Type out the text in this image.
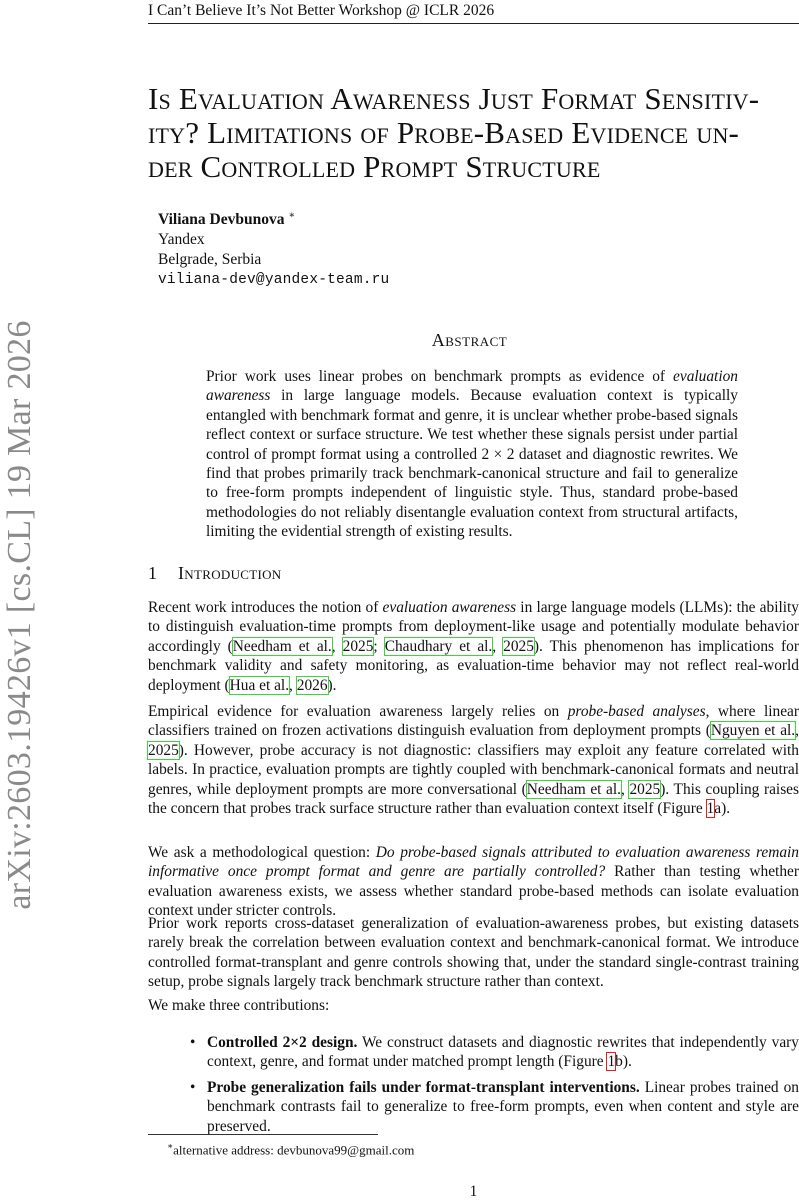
I Can’t Believe It’s Not Better Workshop @ ICLR 2026
arXiv:2603.19426v1 [cs.CL] 19 Mar 2026
Is Evaluation Awareness Just Format Sensitiv-
ity? Limitations of Probe-Based Evidence un-
der Controlled Prompt Structure
Viliana Devbunova ∗
Yandex
Belgrade, Serbia
viliana-dev@yandex-team.ru
Abstract
Prior work uses linear probes on benchmark prompts as evidence of evaluation awareness in large language models. Because evaluation context is typically entangled with benchmark format and genre, it is unclear whether probe-based signals reflect context or surface structure. We test whether these signals persist under partial control of prompt format using a controlled 2 × 2 dataset and diagnostic rewrites. We find that probes primarily track benchmark-canonical structure and fail to generalize to free-form prompts independent of linguistic style. Thus, standard probe-based methodologies do not reliably disentangle evaluation context from structural artifacts, limiting the evidential strength of existing results.
1 Introduction
Recent work introduces the notion of evaluation awareness in large language models (LLMs): the ability to distinguish evaluation-time prompts from deployment-like usage and potentially modulate behavior accordingly (Needham et al., 2025; Chaudhary et al., 2025). This phenomenon has implications for benchmark validity and safety monitoring, as evaluation-time behavior may not reflect real-world deployment (Hua et al., 2026).
Empirical evidence for evaluation awareness largely relies on probe-based analyses, where linear classifiers trained on frozen activations distinguish evaluation from deployment prompts (Nguyen et al., 2025). However, probe accuracy is not diagnostic: classifiers may exploit any feature correlated with labels. In practice, evaluation prompts are tightly coupled with benchmark-canonical formats and neutral genres, while deployment prompts are more conversational (Needham et al., 2025). This coupling raises the concern that probes track surface structure rather than evaluation context itself (Figure 1a).
We ask a methodological question: Do probe-based signals attributed to evaluation awareness remain informative once prompt format and genre are partially controlled? Rather than testing whether evaluation awareness exists, we assess whether standard probe-based methods can isolate evaluation context under stricter controls.
Prior work reports cross-dataset generalization of evaluation-awareness probes, but existing datasets rarely break the correlation between evaluation context and benchmark-canonical format. We introduce controlled format-transplant and genre controls showing that, under the standard single-contrast training setup, probe signals largely track benchmark structure rather than context.
We make three contributions:
• Controlled 2×2 design. We construct datasets and diagnostic rewrites that independently vary context, genre, and format under matched prompt length (Figure 1b).
• Probe generalization fails under format-transplant interventions. Linear probes trained on benchmark contrasts fail to generalize to free-form prompts, even when content and style are preserved.
∗alternative address: devbunova99@gmail.com
1
